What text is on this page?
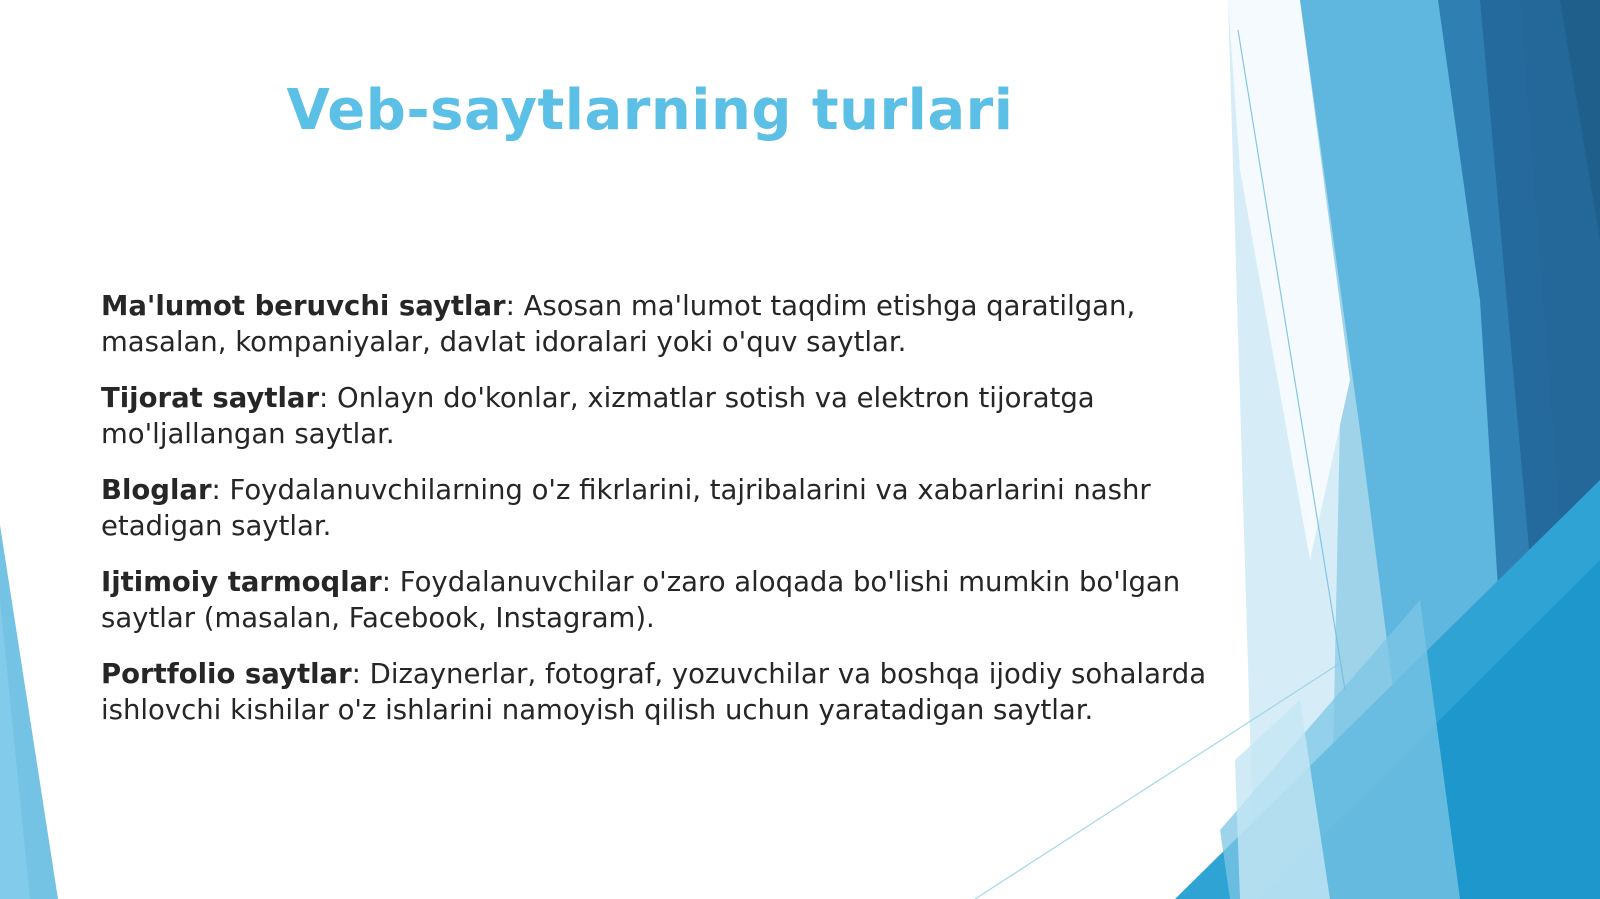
Veb-saytlarning turlari

Ma'lumot beruvchi saytlar: Asosan ma'lumot taqdim etishga qaratilgan, masalan, kompaniyalar, davlat idoralari yoki o'quv saytlar.

Tijorat saytlar: Onlayn do'konlar, xizmatlar sotish va elektron tijoratga mo'ljallangan saytlar.

Bloglar: Foydalanuvchilarning o'z fikrlarini, tajribalarini va xabarlarini nashr etadigan saytlar.

Ijtimoiy tarmoqlar: Foydalanuvchilar o'zaro aloqada bo'lishi mumkin bo'lgan saytlar (masalan, Facebook, Instagram).

Portfolio saytlar: Dizaynerlar, fotograf, yozuvchilar va boshqa ijodiy sohalarda ishlovchi kishilar o'z ishlarini namoyish qilish uchun yaratadigan saytlar.
